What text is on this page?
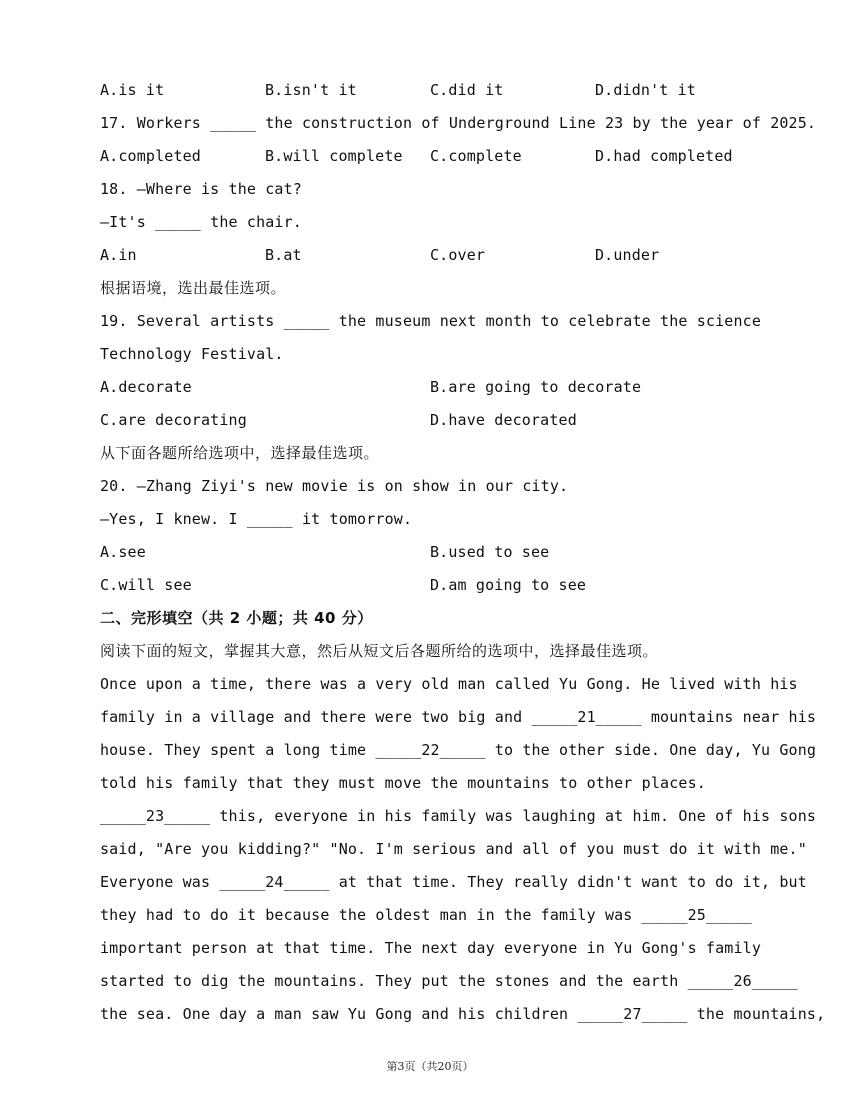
A.is it	B.isn't it	C.did it	D.didn't it
17. Workers _____ the construction of Underground Line 23 by the year of 2025.
A.completed	B.will complete	C.complete	D.had completed
18. —Where is the cat?
—It's _____ the chair.
A.in	B.at	C.over	D.under
根据语境，选出最佳选项。
19. Several artists _____ the museum next month to celebrate the science
Technology Festival.
A.decorate	B.are going to decorate
C.are decorating	D.have decorated
从下面各题所给选项中，选择最佳选项。
20. —Zhang Ziyi's new movie is on show in our city.
—Yes, I knew. I _____ it tomorrow.
A.see	B.used to see
C.will see	D.am going to see
二、完形填空（共 2 小题；共 40 分）
阅读下面的短文，掌握其大意，然后从短文后各题所给的选项中，选择最佳选项。
Once upon a time, there was a very old man called Yu Gong. He lived with his
family in a village and there were two big and _____21_____ mountains near his
house. They spent a long time _____22_____ to the other side. One day, Yu Gong
told his family that they must move the mountains to other places.
_____23_____ this, everyone in his family was laughing at him. One of his sons
said, "Are you kidding?" "No. I'm serious and all of you must do it with me."
Everyone was _____24_____ at that time. They really didn't want to do it, but
they had to do it because the oldest man in the family was _____25_____
important person at that time. The next day everyone in Yu Gong's family
started to dig the mountains. They put the stones and the earth _____26_____
the sea. One day a man saw Yu Gong and his children _____27_____ the mountains,
第3页（共20页）
